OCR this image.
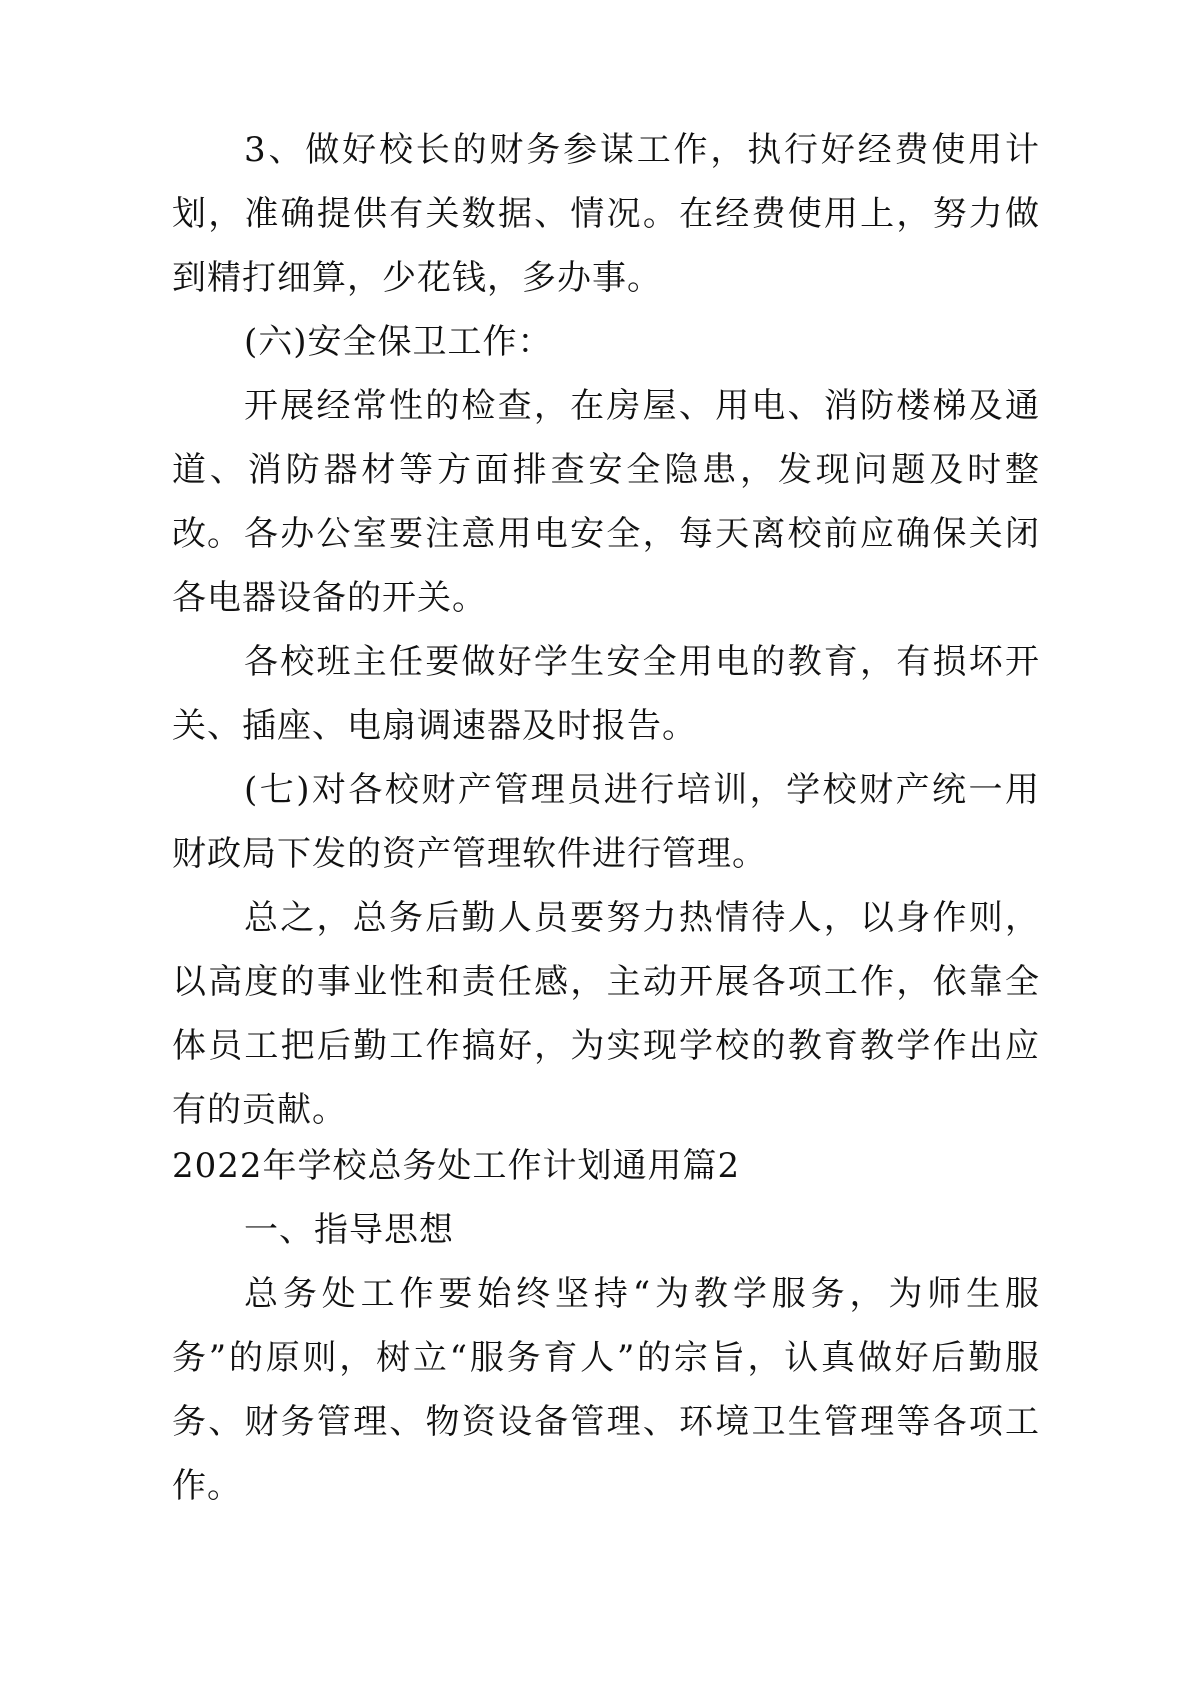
3、做好校长的财务参谋工作，执行好经费使用计划，准确提供有关数据、情况。在经费使用上，努力做到精打细算，少花钱，多办事。

(六)安全保卫工作：

开展经常性的检查，在房屋、用电、消防楼梯及通道、消防器材等方面排查安全隐患，发现问题及时整改。 各办公室要注意用电安全，每天离校前应确保关闭各电器设备的开关。

各校班主任要做好学生安全用电的教育，有损坏开关、插座、电扇调速器及时报告。

(七)对各校财产管理员进行培训，学校财产统一用财政局下发的资产管理软件进行管理。

总之，总务后勤人员要努力热情待人，以身作则，以高度的事业性和责任感，主动开展各项工作，依靠全体员工把后勤工作搞好，为实现学校的教育教学作出应有的贡献。

2022年学校总务处工作计划通用篇2

一、指导思想

总务处工作要始终坚持“为教学服务，为师生服务”的原则，树立“服务育人”的宗旨，认真做好后勤服务、财务管理、物资设备管理、环境卫生管理等各项工作。
